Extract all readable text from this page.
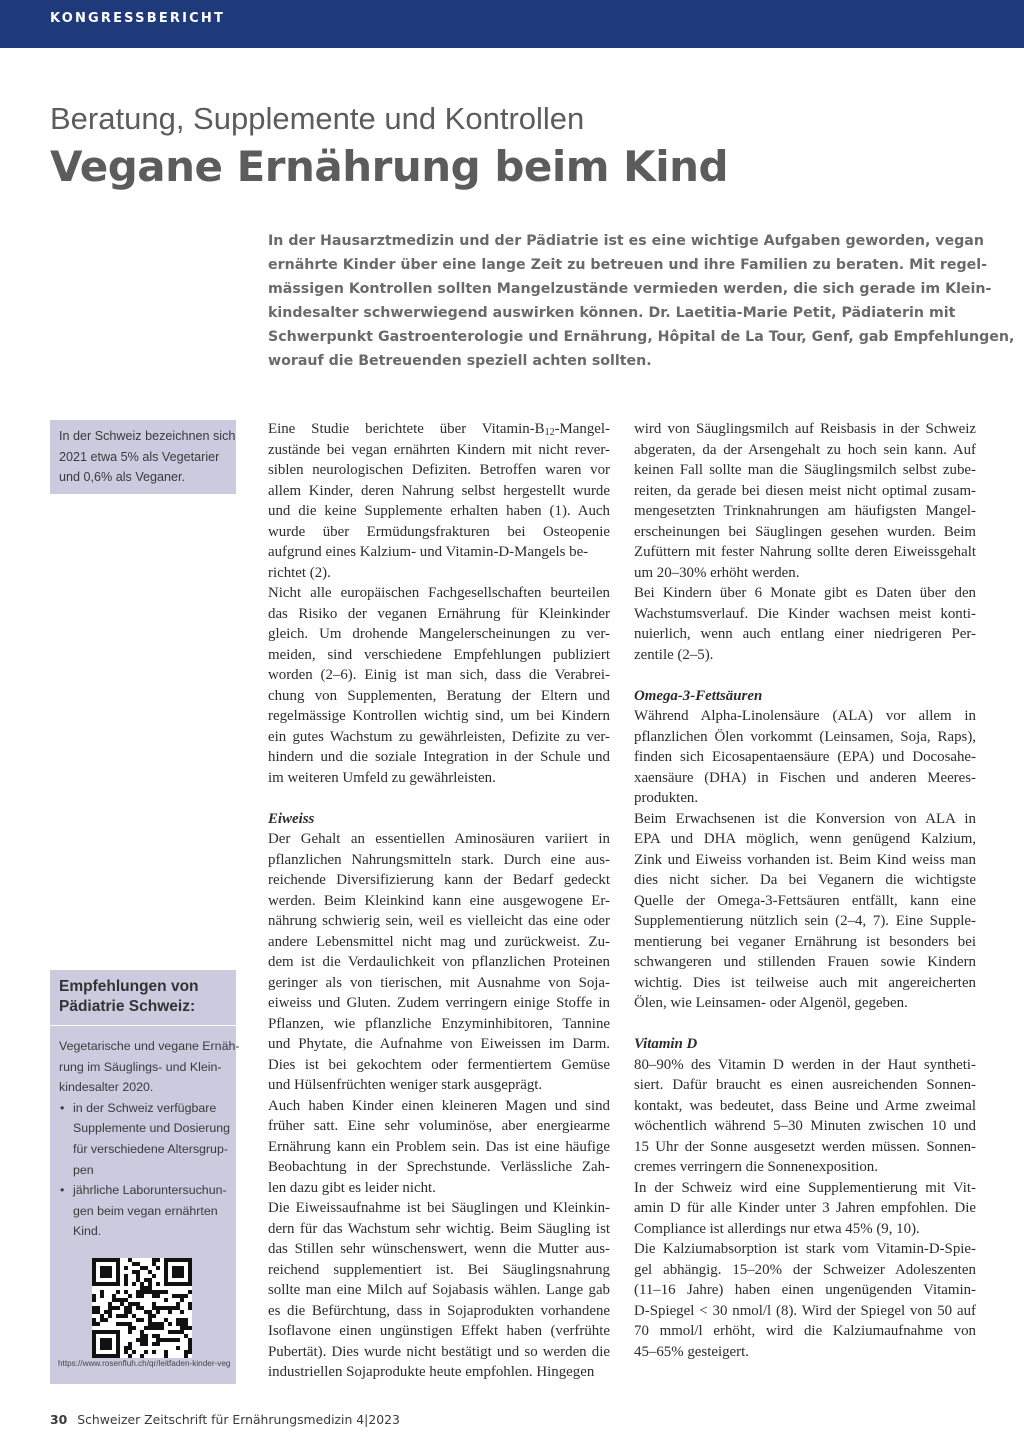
KONGRESSBERICHT
Beratung, Supplemente und Kontrollen
Vegane Ernährung beim Kind

In der Hausarztmedizin und der Pädiatrie ist es eine wichtige Aufgaben geworden, vegan
ernährte Kinder über eine lange Zeit zu betreuen und ihre Familien zu beraten. Mit regel-
mässigen Kontrollen sollten Mangelzustände vermieden werden, die sich gerade im Klein-
kindesalter schwerwiegend auswirken können. Dr. Laetitia-Marie Petit, Pädiaterin mit
Schwerpunkt Gastroenterologie und Ernährung, Hôpital de La Tour, Genf, gab Empfehlungen,
worauf die Betreuenden speziell achten sollten.

In der Schweiz bezeichnen sich
2021 etwa 5% als Vegetarier
und 0,6% als Veganer.
Empfehlungen von
Pädiatrie Schweiz:
Vegetarische und vegane Ernäh-
rung im Säuglings- und Klein-
kindesalter 2020.
• in der Schweiz verfügbare
Supplemente und Dosierung
für verschiedene Altersgrup-
pen
• jährliche Laboruntersuchun-
gen beim vegan ernährten
Kind.
https://www.rosenfluh.ch/qr/leitfaden-kinder-veg
Eine Studie berichtete über Vitamin-$B_{12}-Mangel-$
zustände bei vegan ernährten Kindern mit nicht rever-
siblen neurologischen Defiziten. Betroffen waren vor
allem Kinder, deren Nahrung selbst hergestellt wurde
und die keine Supplemente erhalten haben (1). Auch
wurde über Ermüdungsfrakturen bei Osteopenie
aufgrund eines Kalzium- und Vitamin-D-Mangels be-
richtet (2).
Nicht alle europäischen Fachgesellschaften beurteilen
das Risiko der veganen Ernährung für Kleinkinder
gleich. Um drohende Mangelerscheinungen zu ver-
meiden, sind verschiedene Empfehlungen publiziert
worden (2–6). Einig ist man sich, dass die Verabrei-
chung von Supplementen, Beratung der Eltern und
regelmässige Kontrollen wichtig sind, um bei Kindern
ein gutes Wachstum zu gewährleisten, Defizite zu ver-
hindern und die soziale Integration in der Schule und
im weiteren Umfeld zu gewährleisten.
Eiweiss
Der Gehalt an essentiellen Aminosäuren variiert in
pflanzlichen Nahrungsmitteln stark. Durch eine aus-
reichende Diversifizierung kann der Bedarf gedeckt
werden. Beim Kleinkind kann eine ausgewogene Er-
nährung schwierig sein, weil es vielleicht das eine oder
andere Lebensmittel nicht mag und zurückweist. Zu-
dem ist die Verdaulichkeit von pflanzlichen Proteinen
geringer als von tierischen, mit Ausnahme von Soja-
eiweiss und Gluten. Zudem verringern einige Stoffe in
Pflanzen, wie pflanzliche Enzyminhibitoren, Tannine
und Phytate, die Aufnahme von Eiweissen im Darm.
Dies ist bei gekochtem oder fermentiertem Gemüse
und Hülsenfrüchten weniger stark ausgeprägt.
Auch haben Kinder einen kleineren Magen und sind
früher satt. Eine sehr voluminöse, aber energiearme
Ernährung kann ein Problem sein. Das ist eine häufige
Beobachtung in der Sprechstunde. Verlässliche Zah-
len dazu gibt es leider nicht.
Die Eiweissaufnahme ist bei Säuglingen und Kleinkin-
dern für das Wachstum sehr wichtig. Beim Säugling ist
das Stillen sehr wünschenswert, wenn die Mutter aus-
reichend supplementiert ist. Bei Säuglingsnahrung
sollte man eine Milch auf Sojabasis wählen. Lange gab
es die Befürchtung, dass in Sojaprodukten vorhandene
Isoflavone einen ungünstigen Effekt haben (verfrühte
Pubertät). Dies wurde nicht bestätigt und so werden die
industriellen Sojaprodukte heute empfohlen. Hingegen
wird von Säuglingsmilch auf Reisbasis in der Schweiz
abgeraten, da der Arsengehalt zu hoch sein kann. Auf
keinen Fall sollte man die Säuglingsmilch selbst zube-
reiten, da gerade bei diesen meist nicht optimal zusam-
mengesetzten Trinknahrungen am häufigsten Mangel-
erscheinungen bei Säuglingen gesehen wurden. Beim
Zufüttern mit fester Nahrung sollte deren Eiweissgehalt
um 20–30% erhöht werden.
Bei Kindern über 6 Monate gibt es Daten über den
Wachstumsverlauf. Die Kinder wachsen meist konti-
nuierlich, wenn auch entlang einer niedrigeren Per-
zentile (2–5).
Omega-3-Fettsäuren
Während Alpha-Linolensäure (ALA) vor allem in
pflanzlichen Ölen vorkommt (Leinsamen, Soja, Raps),
finden sich Eicosapentaensäure (EPA) und Docosahe-
xaensäure (DHA) in Fischen und anderen Meeres-
produkten.
Beim Erwachsenen ist die Konversion von ALA in
EPA und DHA möglich, wenn genügend Kalzium,
Zink und Eiweiss vorhanden ist. Beim Kind weiss man
dies nicht sicher. Da bei Veganern die wichtigste
Quelle der Omega-3-Fettsäuren entfällt, kann eine
Supplementierung nützlich sein (2–4, 7). Eine Supple-
mentierung bei veganer Ernährung ist besonders bei
schwangeren und stillenden Frauen sowie Kindern
wichtig. Dies ist teilweise auch mit angereicherten
Ölen, wie Leinsamen- oder Algenöl, gegeben.
Vitamin D
80–90% des Vitamin D werden in der Haut syntheti-
siert. Dafür braucht es einen ausreichenden Sonnen-
kontakt, was bedeutet, dass Beine und Arme zweimal
wöchentlich während 5–30 Minuten zwischen 10 und
15 Uhr der Sonne ausgesetzt werden müssen. Sonnen-
cremes verringern die Sonnenexposition.
In der Schweiz wird eine Supplementierung mit Vit-
amin D für alle Kinder unter 3 Jahren empfohlen. Die
Compliance ist allerdings nur etwa 45% (9, 10).
Die Kalziumabsorption ist stark vom Vitamin-D-Spie-
gel abhängig. 15–20% der Schweizer Adoleszenten
(11–16 Jahre) haben einen ungenügenden Vitamin-
D-Spiegel < 30 nmol/l (8). Wird der Spiegel von 50 auf
70 mmol/l erhöht, wird die Kalziumaufnahme von
45–65% gesteigert.
30 Schweizer Zeitschrift für Ernährungsmedizin 4|2023
